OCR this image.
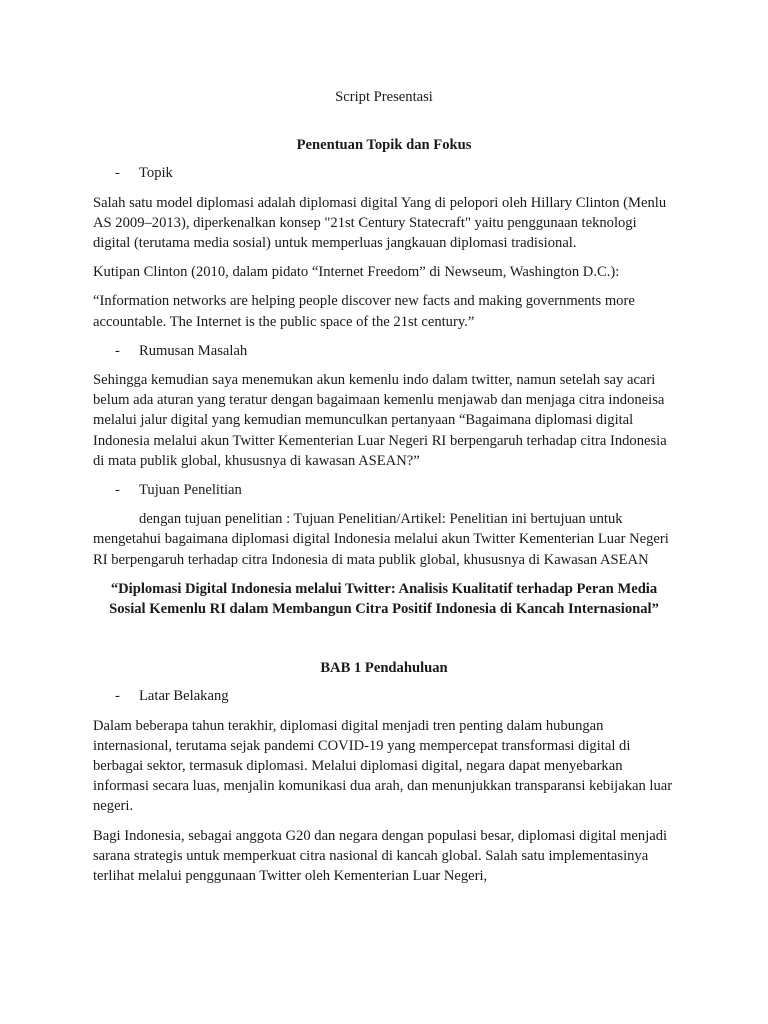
Script Presentasi

Penentuan Topik dan Fokus

-	Topik

Salah satu model diplomasi adalah diplomasi digital Yang di pelopori oleh Hillary Clinton (Menlu AS 2009–2013), diperkenalkan konsep "21st Century Statecraft" yaitu penggunaan teknologi digital (terutama media sosial) untuk memperluas jangkauan diplomasi tradisional.

Kutipan Clinton (2010, dalam pidato “Internet Freedom” di Newseum, Washington D.C.):

“Information networks are helping people discover new facts and making governments more accountable. The Internet is the public space of the 21st century.”

-	Rumusan Masalah

Sehingga kemudian saya menemukan akun kemenlu indo dalam twitter, namun setelah say acari belum ada aturan yang teratur dengan bagaimaan kemenlu menjawab dan menjaga citra indoneisa melalui jalur digital yang kemudian memunculkan pertanyaan “Bagaimana diplomasi digital Indonesia melalui akun Twitter Kementerian Luar Negeri RI berpengaruh terhadap citra Indonesia di mata publik global, khususnya di kawasan ASEAN?”

-	Tujuan Penelitian

dengan tujuan penelitian : Tujuan Penelitian/Artikel: Penelitian ini bertujuan untuk mengetahui bagaimana diplomasi digital Indonesia melalui akun Twitter Kementerian Luar Negeri RI berpengaruh terhadap citra Indonesia di mata publik global, khususnya di Kawasan ASEAN

“Diplomasi Digital Indonesia melalui Twitter: Analisis Kualitatif terhadap Peran Media Sosial Kemenlu RI dalam Membangun Citra Positif Indonesia di Kancah Internasional”

BAB 1 Pendahuluan

-	Latar Belakang

Dalam beberapa tahun terakhir, diplomasi digital menjadi tren penting dalam hubungan internasional, terutama sejak pandemi COVID-19 yang mempercepat transformasi digital di berbagai sektor, termasuk diplomasi. Melalui diplomasi digital, negara dapat menyebarkan informasi secara luas, menjalin komunikasi dua arah, dan menunjukkan transparansi kebijakan luar negeri.

Bagi Indonesia, sebagai anggota G20 dan negara dengan populasi besar, diplomasi digital menjadi sarana strategis untuk memperkuat citra nasional di kancah global. Salah satu implementasinya terlihat melalui penggunaan Twitter oleh Kementerian Luar Negeri,
